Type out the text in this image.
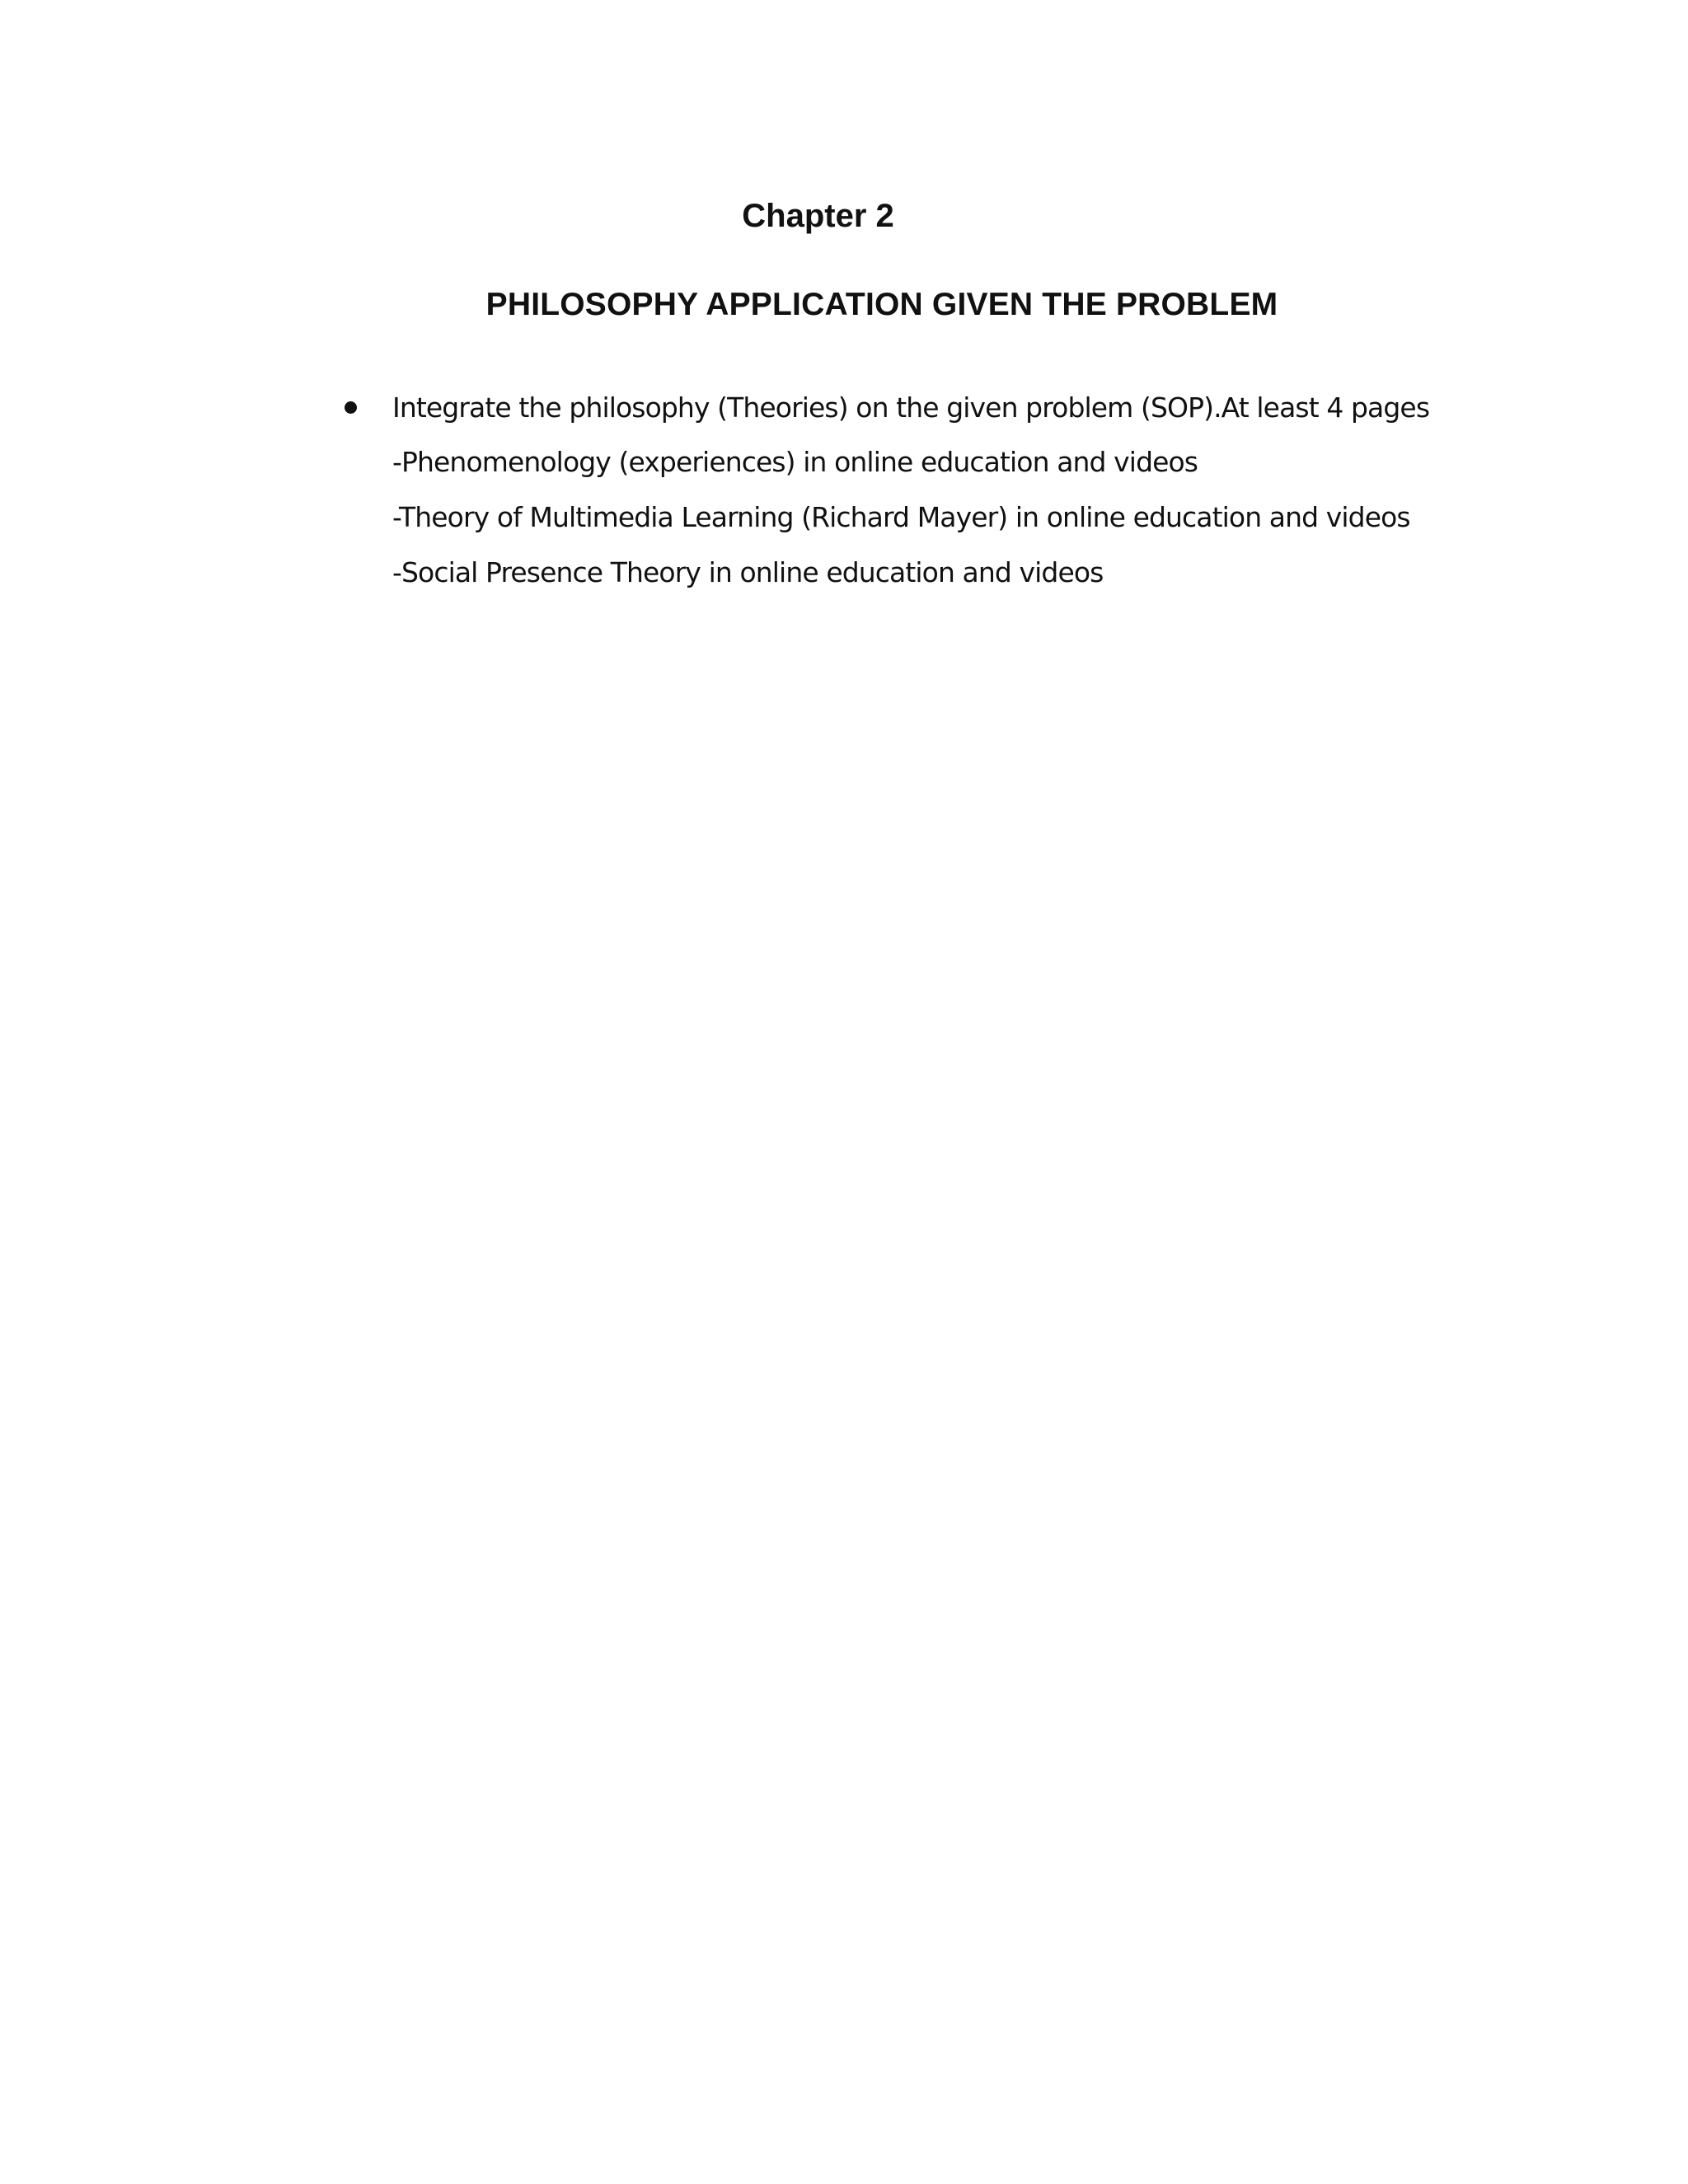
Chapter 2
PHILOSOPHY APPLICATION GIVEN THE PROBLEM
Integrate the philosophy (Theories) on the given problem (SOP).At least 4 pages
-Phenomenology (experiences) in online education and videos
-Theory of Multimedia Learning (Richard Mayer) in online education and videos
-Social Presence Theory in online education and videos
